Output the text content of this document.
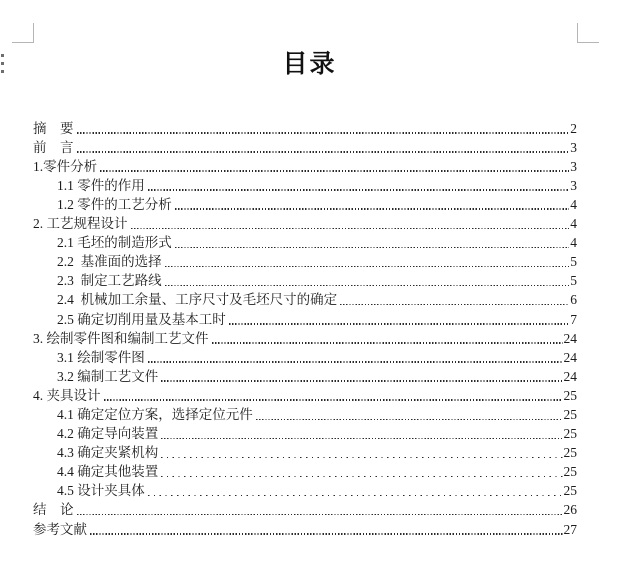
目录
摘　要	2
前　言	3
1.零件分析	3
1.1 零件的作用	3
1.2 零件的工艺分析	4
2. 工艺规程设计	4
2.1 毛坯的制造形式	4
2.2  基准面的选择	5
2.3  制定工艺路线	5
2.4  机械加工余量、工序尺寸及毛坯尺寸的确定	6
2.5 确定切削用量及基本工时	7
3. 绘制零件图和编制工艺文件	24
3.1 绘制零件图	24
3.2 编制工艺文件	24
4. 夹具设计	25
4.1 确定定位方案，选择定位元件	25
4.2 确定导向装置	25
4.3 确定夹紧机构	25
4.4 确定其他装置	25
4.5 设计夹具体	25
结　论	26
参考文献	27
